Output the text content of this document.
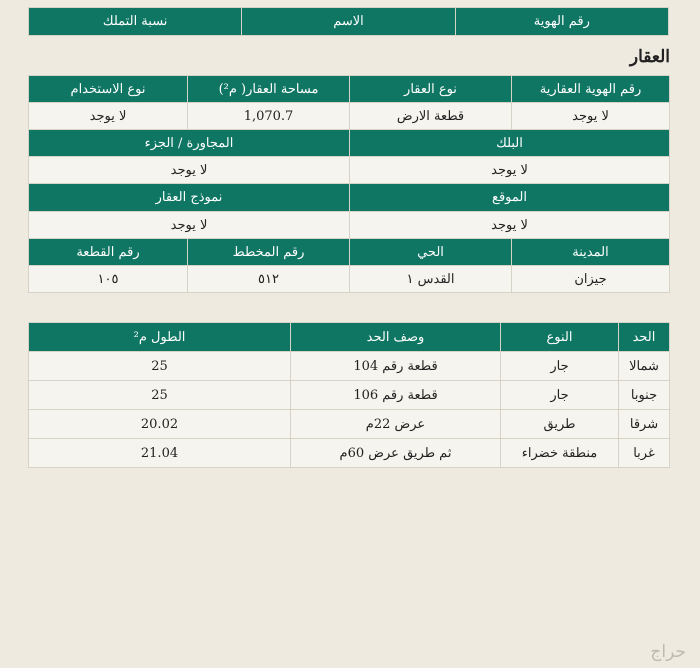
رقم الهوية	الاسم	نسبة التملك
العقار
رقم الهوية العقارية	نوع العقار	مساحة العقار( م²)	نوع الاستخدام
لا يوجد	قطعة الارض	1,070.7	لا يوجد
البلك		المجاورة / الجزء	
لا يوجد		لا يوجد	
الموقع		نموذج العقار	
لا يوجد		لا يوجد	
المدينة	الحي	رقم المخطط	رقم القطعة
جيزان	القدس ١	٥١٢	١٠٥
الحد	النوع	وصف الحد	الطول م²
شمالا	جار	قطعة رقم 104	25
جنوبا	جار	قطعة رقم 106	25
شرقا	طريق	عرض 22م	20.02
غربا	منطقة خضراء	ثم طريق عرض 60م	21.04
حراج
